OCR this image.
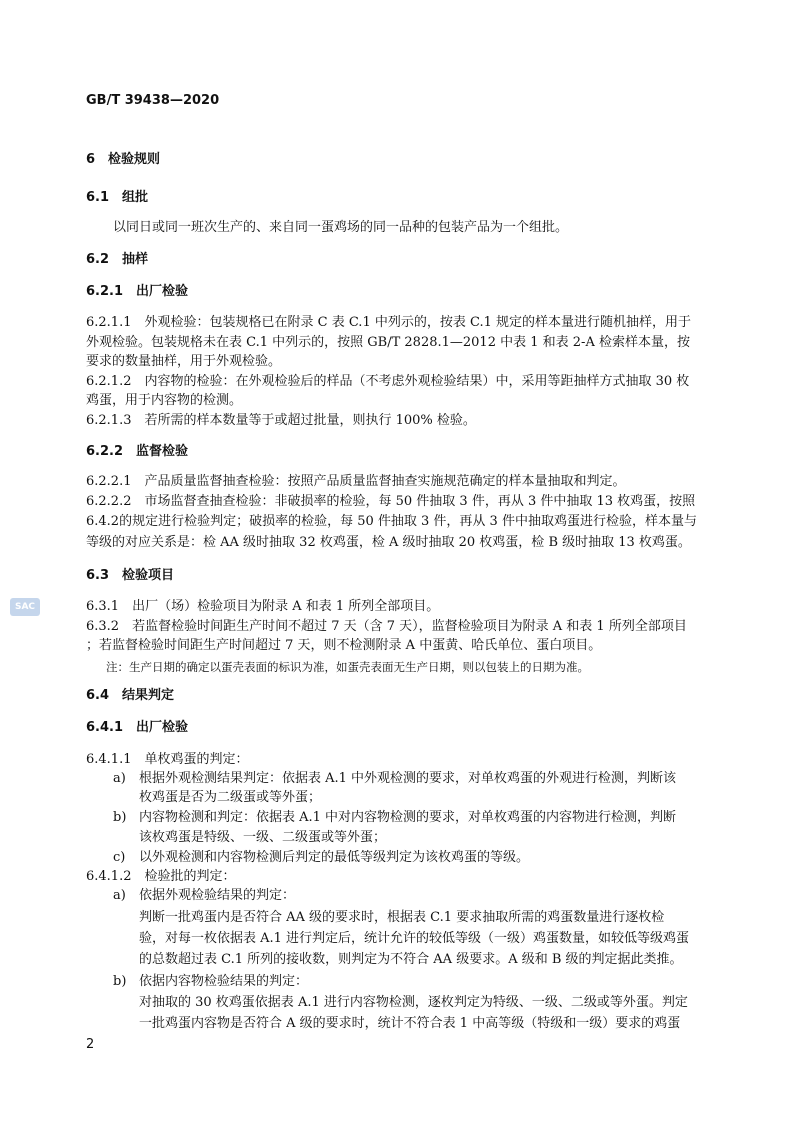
GB/T 39438—2020
SAC
6　检验规则
6.1　组批
以同日或同一班次生产的、来自同一蛋鸡场的同一品种的包装产品为一个组批。
6.2　抽样
6.2.1　出厂检验
6.2.1.1　外观检验：包装规格已在附录 C 表 C.1 中列示的，按表 C.1 规定的样本量进行随机抽样，用于
外观检验。包装规格未在表 C.1 中列示的，按照 GB/T 2828.1—2012 中表 1 和表 2-A 检索样本量，按
要求的数量抽样，用于外观检验。
6.2.1.2　内容物的检验：在外观检验后的样品（不考虑外观检验结果）中，采用等距抽样方式抽取 30 枚
鸡蛋，用于内容物的检测。
6.2.1.3　若所需的样本数量等于或超过批量，则执行 100% 检验。
6.2.2　监督检验
6.2.2.1　产品质量监督抽查检验：按照产品质量监督抽查实施规范确定的样本量抽取和判定。
6.2.2.2　市场监督查抽查检验：非破损率的检验，每 50 件抽取 3 件，再从 3 件中抽取 13 枚鸡蛋，按照
6.4.2的规定进行检验判定；破损率的检验，每 50 件抽取 3 件，再从 3 件中抽取鸡蛋进行检验，样本量与
等级的对应关系是：检 AA 级时抽取 32 枚鸡蛋，检 A 级时抽取 20 枚鸡蛋，检 B 级时抽取 13 枚鸡蛋。
6.3　检验项目
6.3.1　出厂（场）检验项目为附录 A 和表 1 所列全部项目。
6.3.2　若监督检验时间距生产时间不超过 7 天（含 7 天），监督检验项目为附录 A 和表 1 所列全部项目
；若监督检验时间距生产时间超过 7 天，则不检测附录 A 中蛋黄、哈氏单位、蛋白项目。
注：生产日期的确定以蛋壳表面的标识为准，如蛋壳表面无生产日期，则以包装上的日期为准。
6.4　结果判定
6.4.1　出厂检验
6.4.1.1　单枚鸡蛋的判定：
a) 根据外观检测结果判定：依据表 A.1 中外观检测的要求，对单枚鸡蛋的外观进行检测，判断该
枚鸡蛋是否为二级蛋或等外蛋；
b) 内容物检测和判定：依据表 A.1 中对内容物检测的要求，对单枚鸡蛋的内容物进行检测，判断
该枚鸡蛋是特级、一级、二级蛋或等外蛋；
c) 以外观检测和内容物检测后判定的最低等级判定为该枚鸡蛋的等级。
6.4.1.2　检验批的判定：
a) 依据外观检验结果的判定：
判断一批鸡蛋内是否符合 AA 级的要求时，根据表 C.1 要求抽取所需的鸡蛋数量进行逐枚检
验，对每一枚依据表 A.1 进行判定后，统计允许的较低等级（一级）鸡蛋数量，如较低等级鸡蛋
的总数超过表 C.1 所列的接收数，则判定为不符合 AA 级要求。A 级和 B 级的判定据此类推。
b) 依据内容物检验结果的判定：
对抽取的 30 枚鸡蛋依据表 A.1 进行内容物检测，逐枚判定为特级、一级、二级或等外蛋。判定
一批鸡蛋内容物是否符合 A 级的要求时，统计不符合表 1 中高等级（特级和一级）要求的鸡蛋
2
